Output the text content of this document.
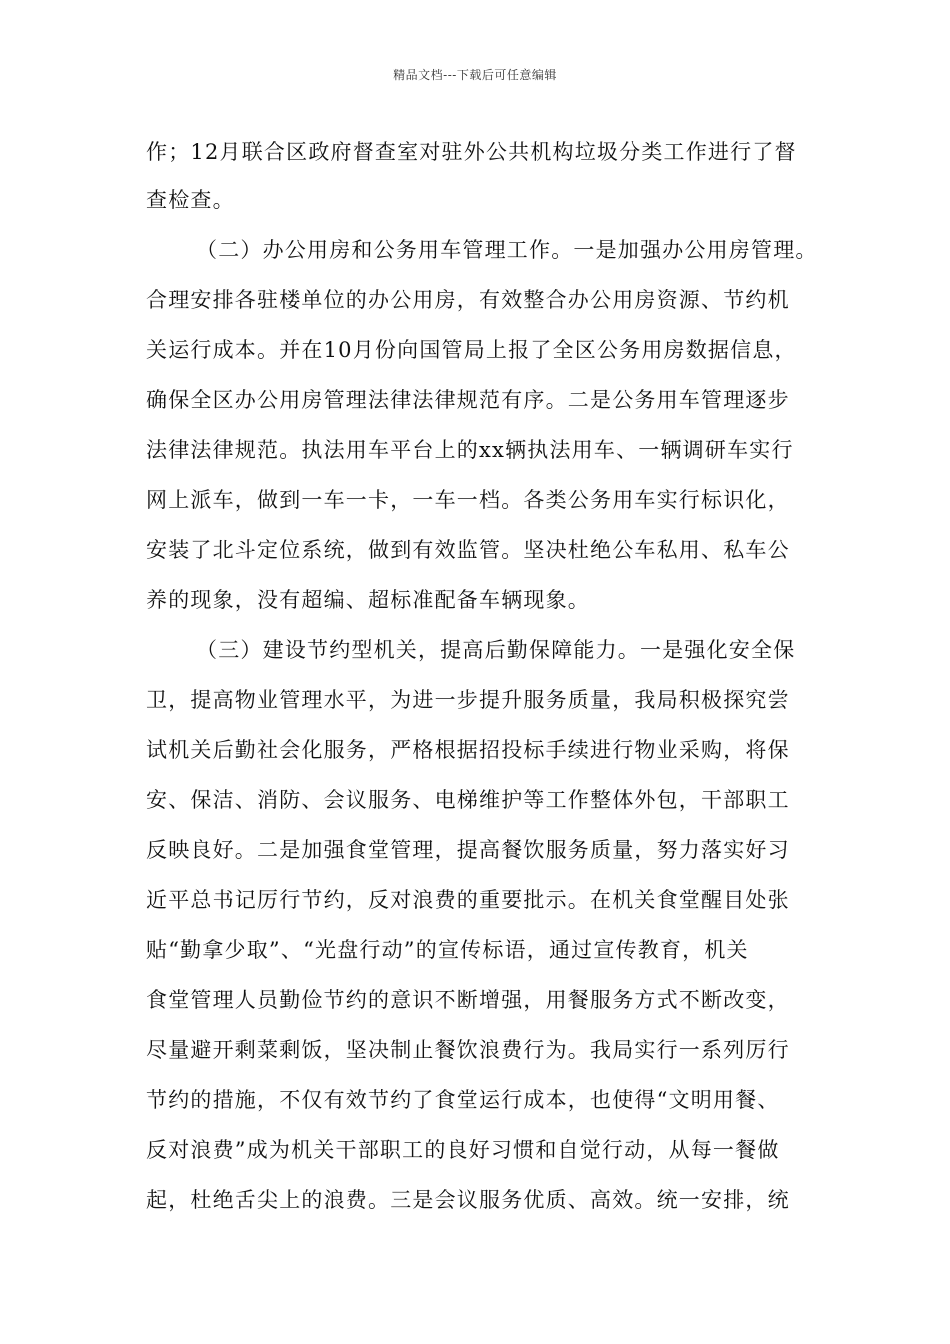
精品文档---下载后可任意编辑
作；12月联合区政府督查室对驻外公共机构垃圾分类工作进行了督
查检查。
（二）办公用房和公务用车管理工作。一是加强办公用房管理。
合理安排各驻楼单位的办公用房，有效整合办公用房资源、节约机
关运行成本。并在10月份向国管局上报了全区公务用房数据信息，
确保全区办公用房管理法律法律规范有序。二是公务用车管理逐步
法律法律规范。执法用车平台上的xx辆执法用车、一辆调研车实行
网上派车，做到一车一卡，一车一档。各类公务用车实行标识化，
安装了北斗定位系统，做到有效监管。坚决杜绝公车私用、私车公
养的现象，没有超编、超标准配备车辆现象。
（三）建设节约型机关，提高后勤保障能力。一是强化安全保
卫，提高物业管理水平，为进一步提升服务质量，我局积极探究尝
试机关后勤社会化服务，严格根据招投标手续进行物业采购，将保
安、保洁、消防、会议服务、电梯维护等工作整体外包，干部职工
反映良好。二是加强食堂管理，提高餐饮服务质量，努力落实好习
近平总书记厉行节约，反对浪费的重要批示。在机关食堂醒目处张
贴“勤拿少取”、“光盘行动”的宣传标语，通过宣传教育，机关
食堂管理人员勤俭节约的意识不断增强，用餐服务方式不断改变，
尽量避开剩菜剩饭，坚决制止餐饮浪费行为。我局实行一系列厉行
节约的措施，不仅有效节约了食堂运行成本，也使得“文明用餐、
反对浪费”成为机关干部职工的良好习惯和自觉行动，从每一餐做
起，杜绝舌尖上的浪费。三是会议服务优质、高效。统一安排，统
